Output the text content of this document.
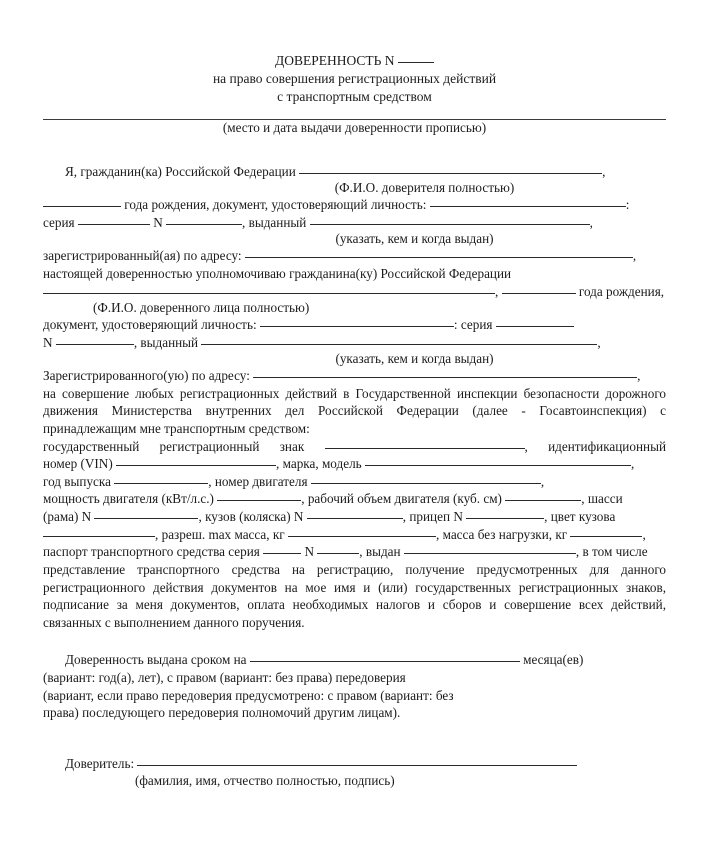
ДОВЕРЕННОСТЬ N
на право совершения регистрационных действий
с транспортным средством
(место и дата выдачи доверенности прописью)
Я, гражданин(ка) Российской Федерации	,
(Ф.И.О. доверителя полностью)
года рождения, документ, удостоверяющий личность:	:
серия	N	, выданный	,
(указать, кем и когда выдан)
зарегистрированный(ая) по адресу:	,
настоящей доверенностью уполномочиваю гражданина(ку) Российской Федерации
,	года рождения,
(Ф.И.О. доверенного лица полностью)
документ, удостоверяющий личность:	: серия
N	, выданный	,
(указать, кем и когда выдан)
Зарегистрированного(ую) по адресу:	,
на совершение любых регистрационных действий в Государственной инспекции безопасности дорожного движения Министерства внутренних дел Российской Федерации (далее - Госавтоинспекция) с принадлежащим мне транспортным средством:
государственный регистрационный знак	, идентификационный
номер (VIN)	, марка, модель	,
год выпуска	, номер двигателя	,
мощность двигателя (кВт/л.с.)	, рабочий объем двигателя (куб. см)	, шасси
(рама) N	, кузов (коляска) N	, прицеп N	, цвет кузова
, разреш. max масса, кг	, масса без нагрузки, кг	,
паспорт транспортного средства серия	N	, выдан	, в том числе
представление транспортного средства на регистрацию, получение предусмотренных для данного регистрационного действия документов на мое имя и (или) государственных регистрационных знаков, подписание за меня документов, оплата необходимых налогов и сборов и совершение всех действий, связанных с выполнением данного поручения.
Доверенность выдана сроком на	месяца(ев)
(вариант: год(а), лет), с правом (вариант: без права) передоверия
(вариант, если право передоверия предусмотрено: с правом (вариант: без
права) последующего передоверия полномочий другим лицам).
Доверитель:
(фамилия, имя, отчество полностью, подпись)
